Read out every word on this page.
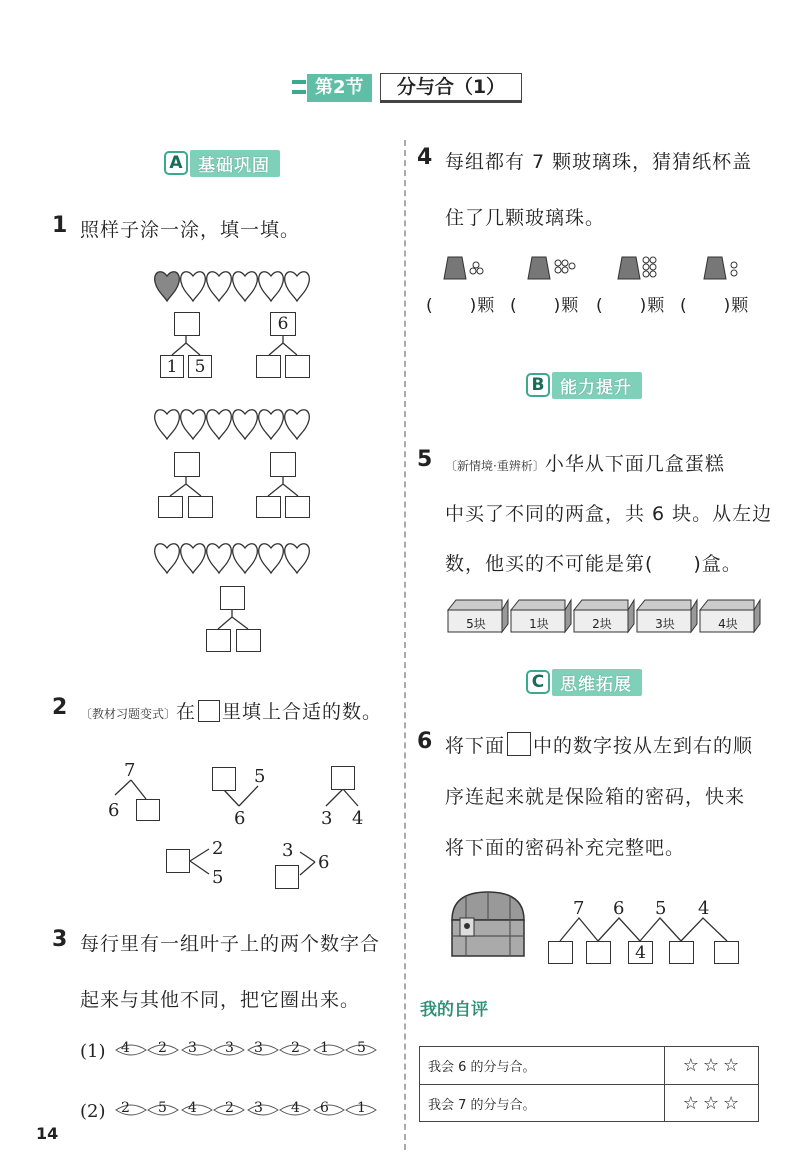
第2节	分与合（1）
A 基础巩固
1 照样子涂一涂，填一填。
1	5
6
2 〔教材习题变式〕在 里填上合适的数。
7
6
5
6	3 4
2
5
3
6
3 每行里有一组叶子上的两个数字合
起来与其他不同，把它圈出来。
(1) 4 2 3 3 3 2 1 5
(2) 2 5 4 2 3 4 6 1
14
4 每组都有 7 颗玻璃珠，猜猜纸杯盖
住了几颗玻璃珠。
(　　)颗 (　　)颗 (　　)颗 (　　)颗
B 能力提升
5 〔新情境·重辨析〕小华从下面几盒蛋糕
中买了不同的两盒，共 6 块。从左边
数，他买的不可能是第(　　)盒。
5块	1块	2块	3块	4块
C 思维拓展
6 将下面 中的数字按从左到右的顺
序连起来就是保险箱的密码，快来
将下面的密码补充完整吧。
7 6 5 4
4
我的自评
我会 6 的分与合。	☆☆☆
我会 7 的分与合。	☆☆☆
